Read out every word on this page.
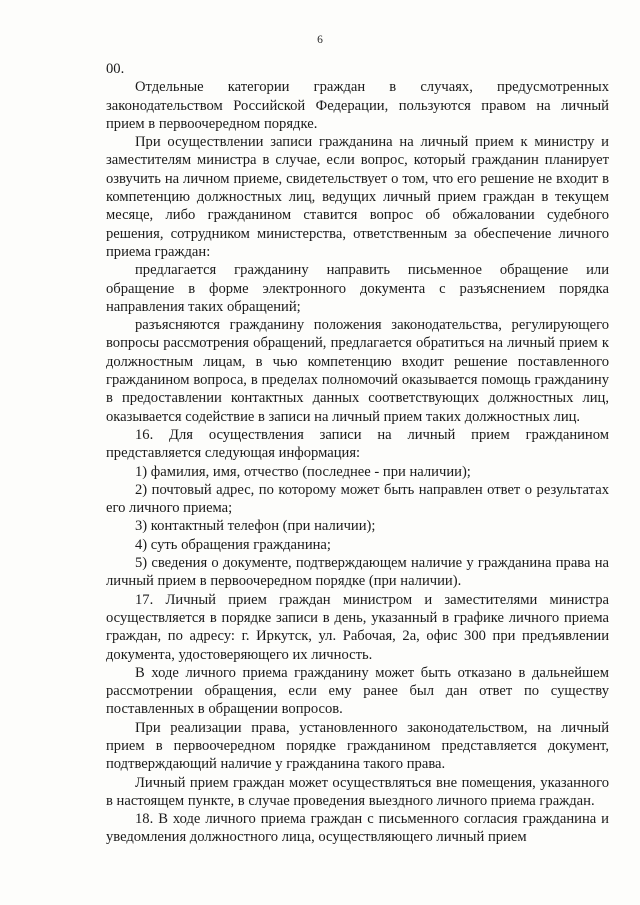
6

00.

Отдельные категории граждан в случаях, предусмотренных законодательством Российской Федерации, пользуются правом на личный прием в первоочередном порядке.

При осуществлении записи гражданина на личный прием к министру и заместителям министра в случае, если вопрос, который гражданин планирует озвучить на личном приеме, свидетельствует о том, что его решение не входит в компетенцию должностных лиц, ведущих личный прием граждан в текущем месяце, либо гражданином ставится вопрос об обжаловании судебного решения, сотрудником министерства, ответственным за обеспечение личного приема граждан:

предлагается гражданину направить письменное обращение или обращение в форме электронного документа с разъяснением порядка направления таких обращений;

разъясняются гражданину положения законодательства, регулирующего вопросы рассмотрения обращений, предлагается обратиться на личный прием к должностным лицам, в чью компетенцию входит решение поставленного гражданином вопроса, в пределах полномочий оказывается помощь гражданину в предоставлении контактных данных соответствующих должностных лиц, оказывается содействие в записи на личный прием таких должностных лиц.

16. Для осуществления записи на личный прием гражданином представляется следующая информация:

1) фамилия, имя, отчество (последнее - при наличии);

2) почтовый адрес, по которому может быть направлен ответ о результатах его личного приема;

3) контактный телефон (при наличии);

4) суть обращения гражданина;

5) сведения о документе, подтверждающем наличие у гражданина права на личный прием в первоочередном порядке (при наличии).

17. Личный прием граждан министром и заместителями министра осуществляется в порядке записи в день, указанный в графике личного приема граждан, по адресу: г. Иркутск, ул. Рабочая, 2а, офис 300 при предъявлении документа, удостоверяющего их личность.

В ходе личного приема гражданину может быть отказано в дальнейшем рассмотрении обращения, если ему ранее был дан ответ по существу поставленных в обращении вопросов.

При реализации права, установленного законодательством, на личный прием в первоочередном порядке гражданином представляется документ, подтверждающий наличие у гражданина такого права.

Личный прием граждан может осуществляться вне помещения, указанного в настоящем пункте, в случае проведения выездного личного приема граждан.

18. В ходе личного приема граждан с письменного согласия гражданина и уведомления должностного лица, осуществляющего личный прием
